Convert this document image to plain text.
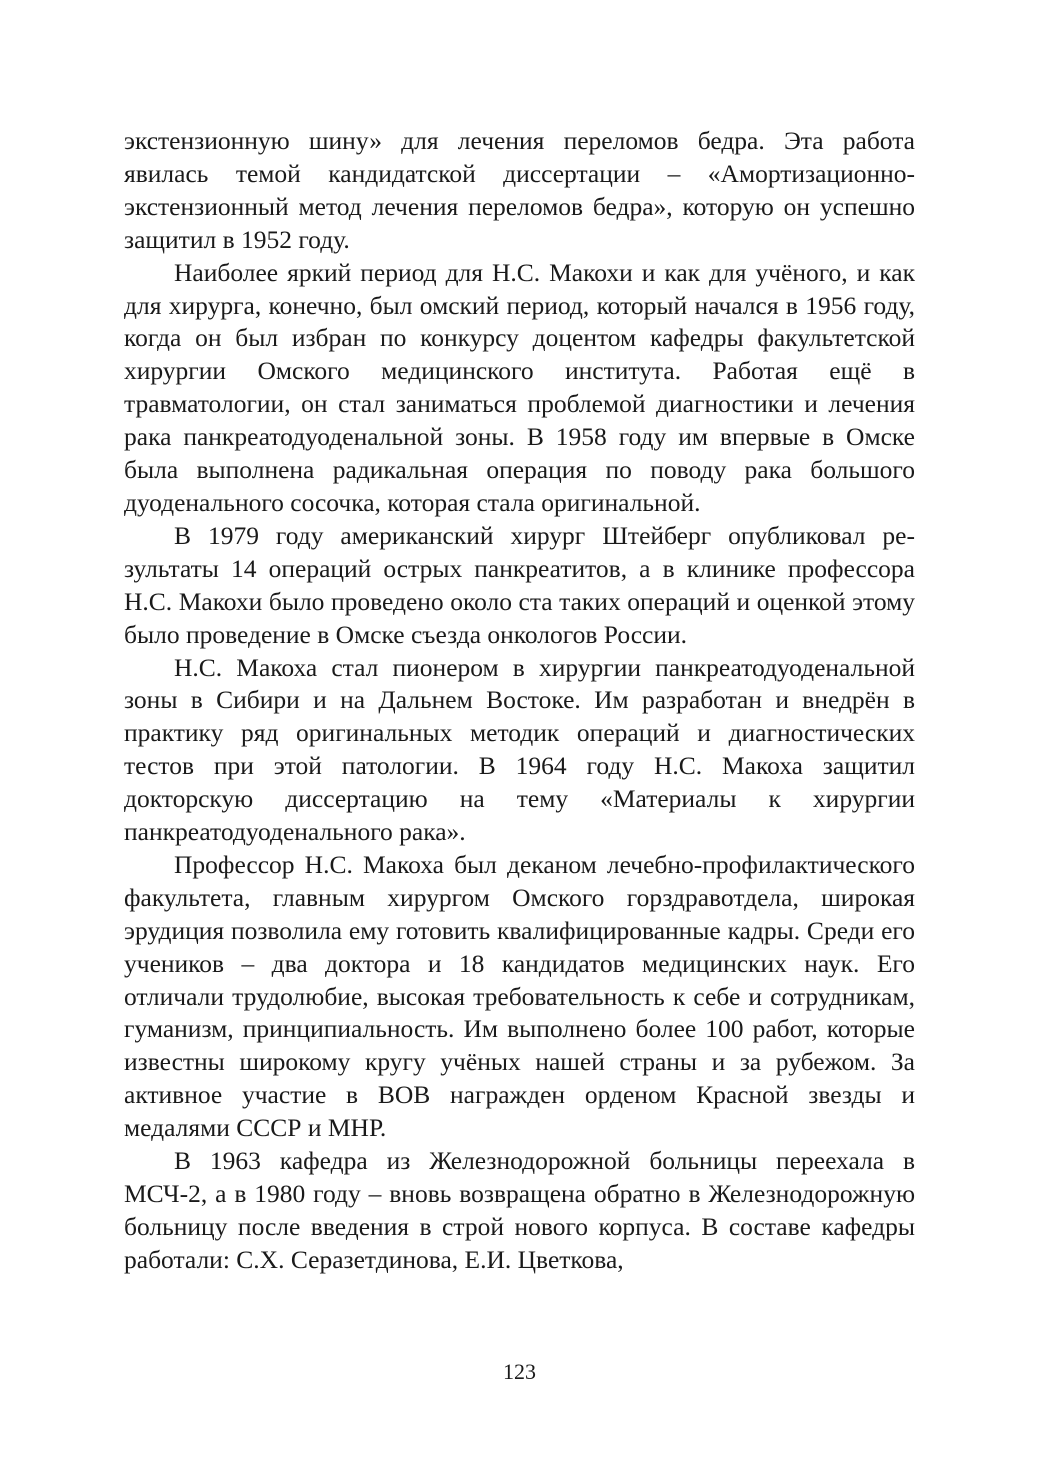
экстензионную шину» для лечения переломов бедра. Эта работа явилась темой кандидатской диссертации – «Амортизационно-экстензионный метод лечения переломов бедра», которую он успешно защитил в 1952 году.

Наиболее яркий период для Н.С. Макохи и как для учёного, и как для хирурга, конечно, был омский период, который начался в 1956 году, когда он был избран по конкурсу доцентом кафедры факультетской хирургии Омского медицинского института. Работая ещё в травматологии, он стал заниматься проблемой диагностики и лечения рака панкреатодуоденальной зоны. В 1958 году им впервые в Омске была выполнена радикальная операция по поводу рака большого дуоденального сосочка, которая стала оригинальной.

В 1979 году американский хирург Штейберг опубликовал результаты 14 операций острых панкреатитов, а в клинике профессора Н.С. Макохи было проведено около ста таких операций и оценкой этому было проведение в Омске съезда онкологов России.

Н.С. Макоха стал пионером в хирургии панкреатодуоденальной зоны в Сибири и на Дальнем Востоке. Им разработан и внедрён в практику ряд оригинальных методик операций и диагностических тестов при этой патологии. В 1964 году Н.С. Макоха защитил докторскую диссертацию на тему «Материалы к хирургии панкреатодуоденального рака».

Профессор Н.С. Макоха был деканом лечебно-профилактического факультета, главным хирургом Омского горздравотдела, широкая эрудиция позволила ему готовить квалифицированные кадры. Среди его учеников – два доктора и 18 кандидатов медицинских наук. Его отличали трудолюбие, высокая требовательность к себе и сотрудникам, гуманизм, принципиальность. Им выполнено более 100 работ, которые известны широкому кругу учёных нашей страны и за рубежом. За активное участие в ВОВ награжден орденом Красной звезды и медалями СССР и МНР.

В 1963 кафедра из Железнодорожной больницы переехала в МСЧ-2, а в 1980 году – вновь возвращена обратно в Железнодорожную больницу после введения в строй нового корпуса. В составе кафедры работали: С.Х. Серазетдинова, Е.И. Цветкова,

123
